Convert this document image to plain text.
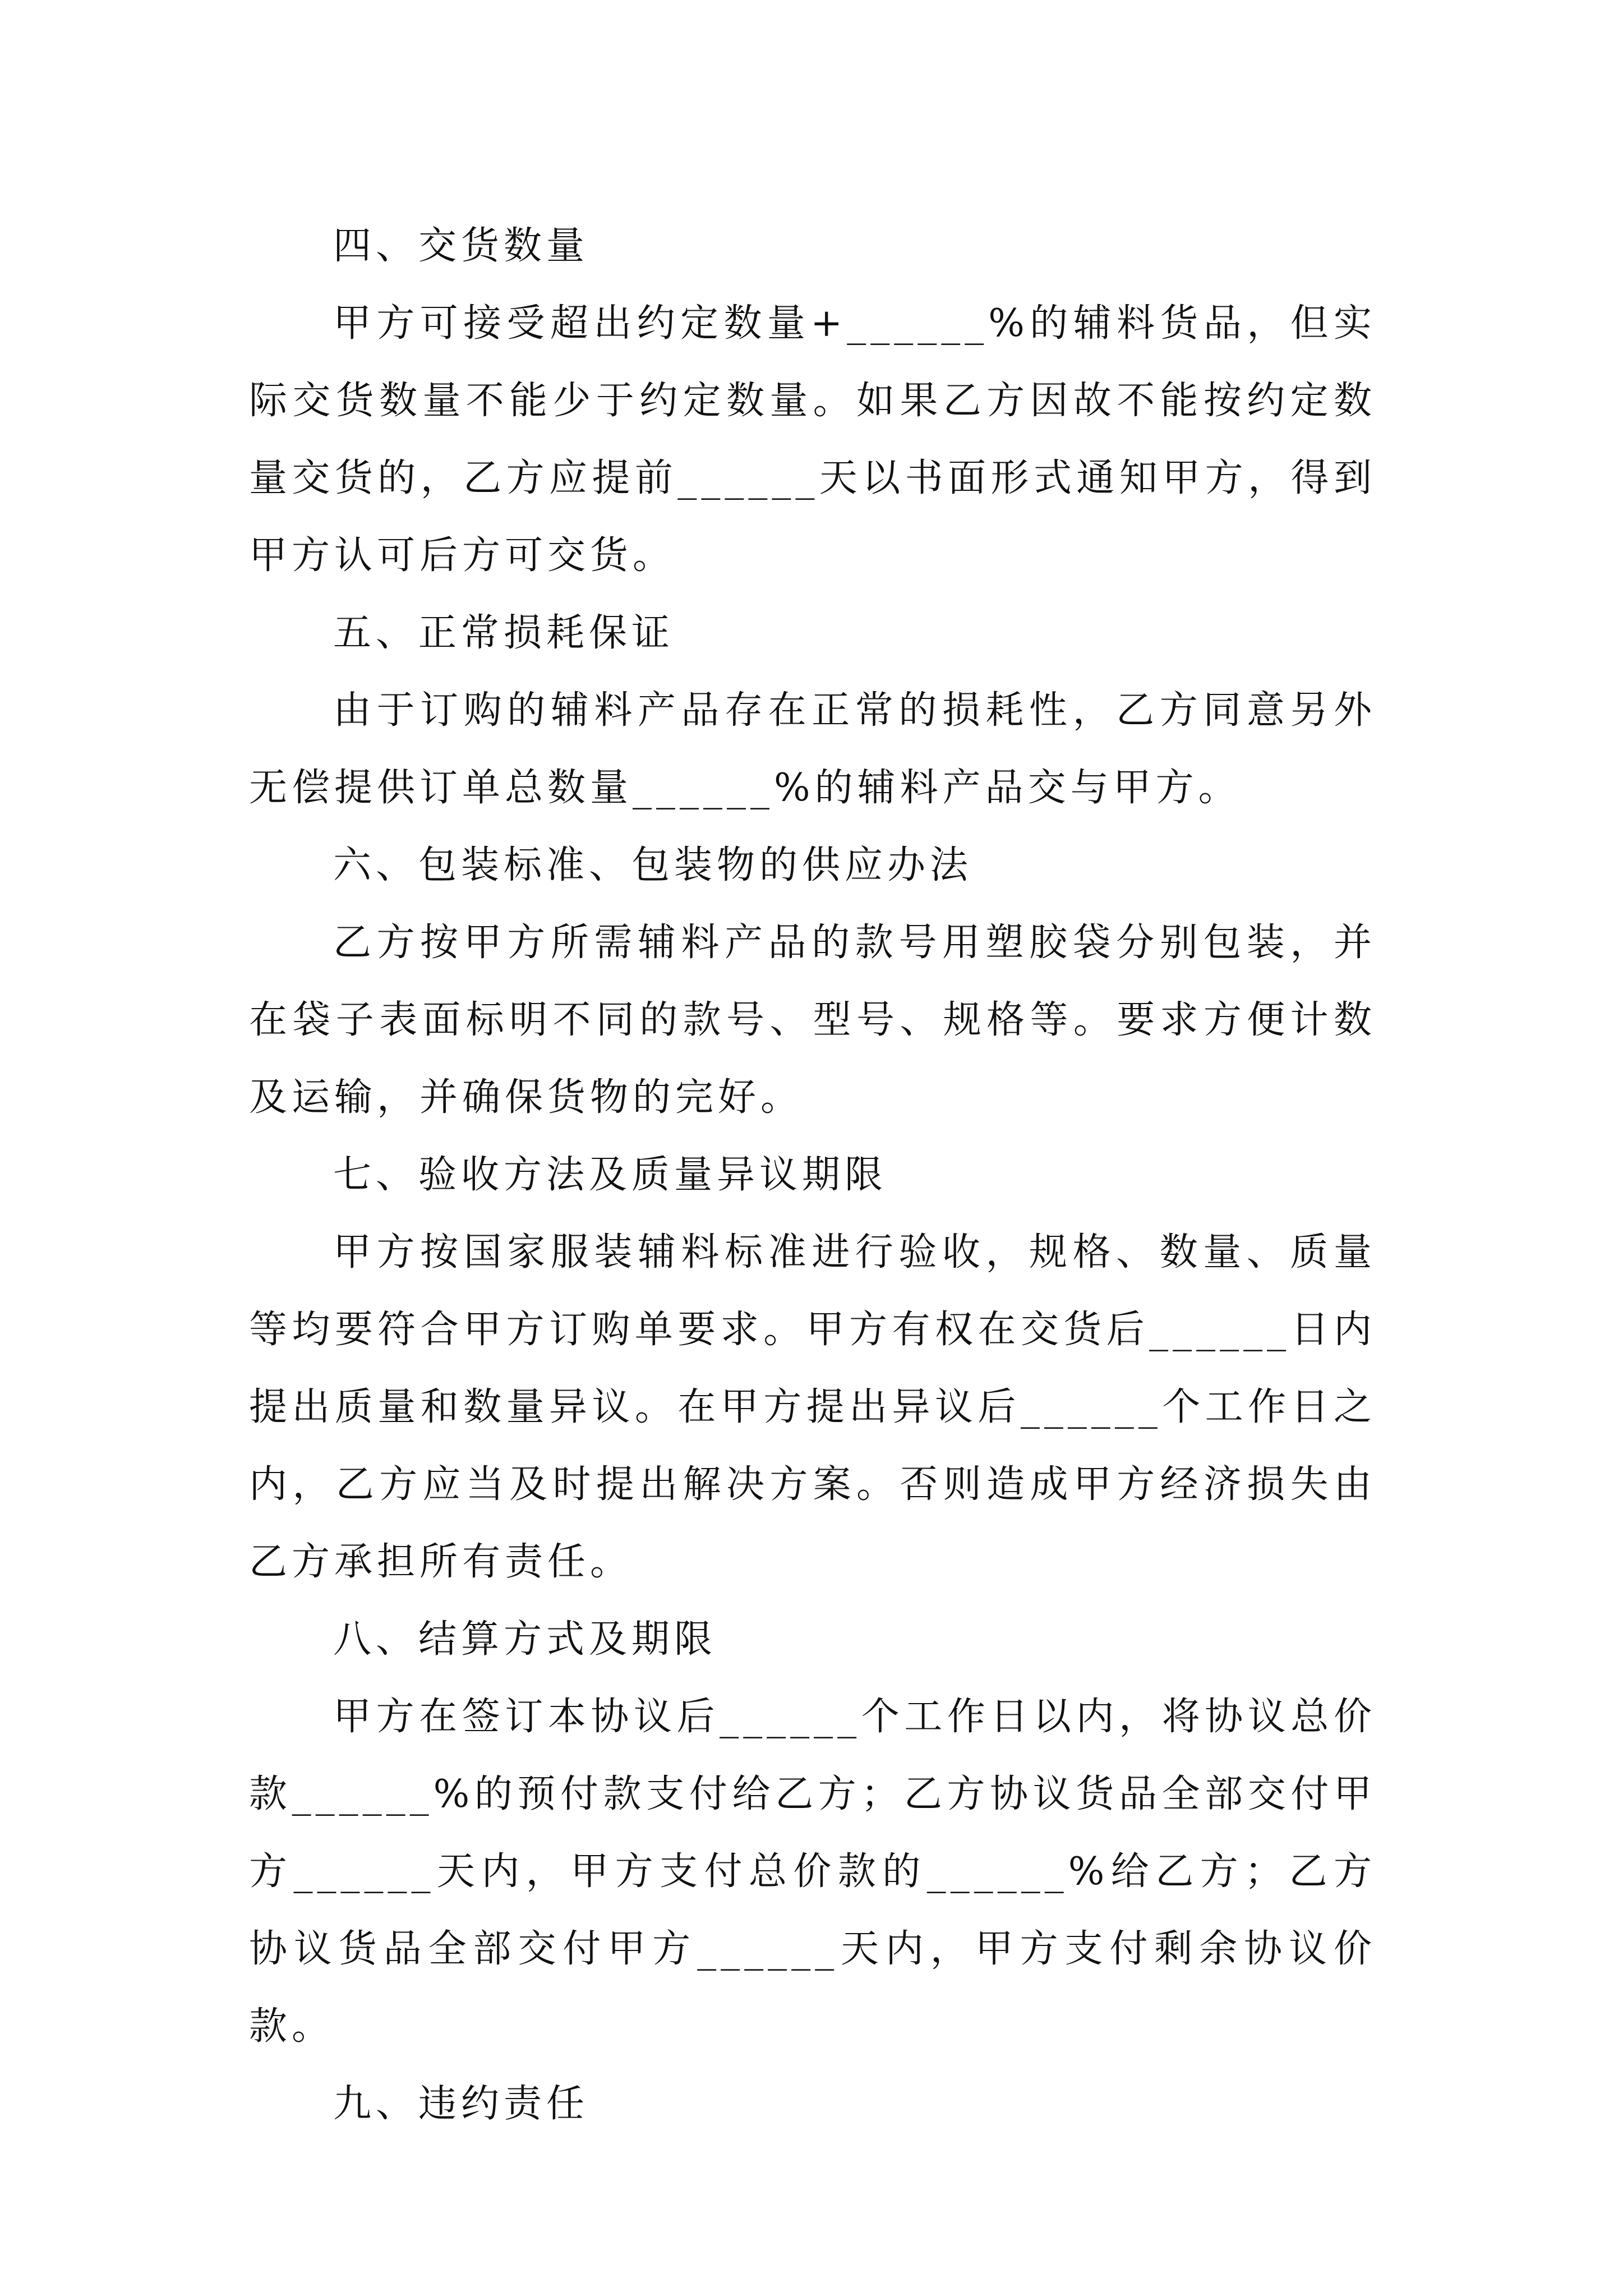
四、交货数量

甲方可接受超出约定数量+______%的辅料货品，但实际交货数量不能少于约定数量。如果乙方因故不能按约定数量交货的，乙方应提前______天以书面形式通知甲方，得到甲方认可后方可交货。

五、正常损耗保证

由于订购的辅料产品存在正常的损耗性，乙方同意另外无偿提供订单总数量______%的辅料产品交与甲方。

六、包装标准、包装物的供应办法

乙方按甲方所需辅料产品的款号用塑胶袋分别包装，并在袋子表面标明不同的款号、型号、规格等。要求方便计数及运输，并确保货物的完好。

七、验收方法及质量异议期限

甲方按国家服装辅料标准进行验收，规格、数量、质量等均要符合甲方订购单要求。甲方有权在交货后______日内提出质量和数量异议。在甲方提出异议后______个工作日之内，乙方应当及时提出解决方案。否则造成甲方经济损失由乙方承担所有责任。

八、结算方式及期限

甲方在签订本协议后______个工作日以内，将协议总价款______%的预付款支付给乙方；乙方协议货品全部交付甲方______天内，甲方支付总价款的______%给乙方；乙方协议货品全部交付甲方______天内，甲方支付剩余协议价款。

九、违约责任
